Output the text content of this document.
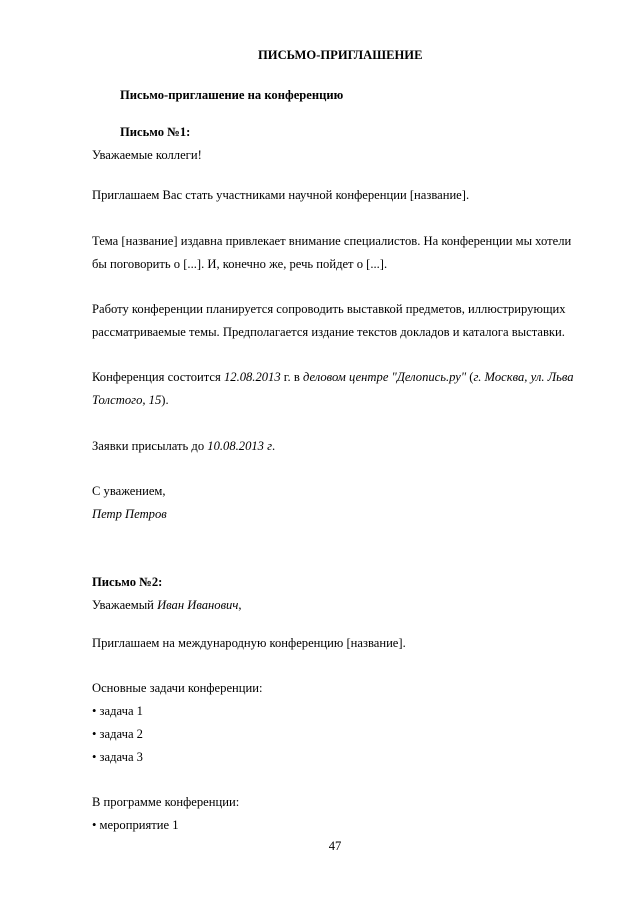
ПИСЬМО-ПРИГЛАШЕНИЕ
Письмо-приглашение на конференцию
Письмо №1:
Уважаемые коллеги!
Приглашаем Вас стать участниками научной конференции [название].
Тема [название] издавна привлекает внимание специалистов. На конференции мы хотели
бы поговорить о [...]. И, конечно же, речь пойдет о [...].
Работу конференции планируется сопроводить выставкой предметов, иллюстрирующих
рассматриваемые темы. Предполагается издание текстов докладов и каталога выставки.
Конференция состоится 12.08.2013 г. в деловом центре "Делопись.ру" (г. Москва, ул. Льва
Толстого, 15).
Заявки присылать до 10.08.2013 г.
С уважением,
Петр Петров
Письмо №2:
Уважаемый Иван Иванович,
Приглашаем на международную конференцию [название].
Основные задачи конференции:
• задача 1
• задача 2
• задача 3
В программе конференции:
• мероприятие 1
47
